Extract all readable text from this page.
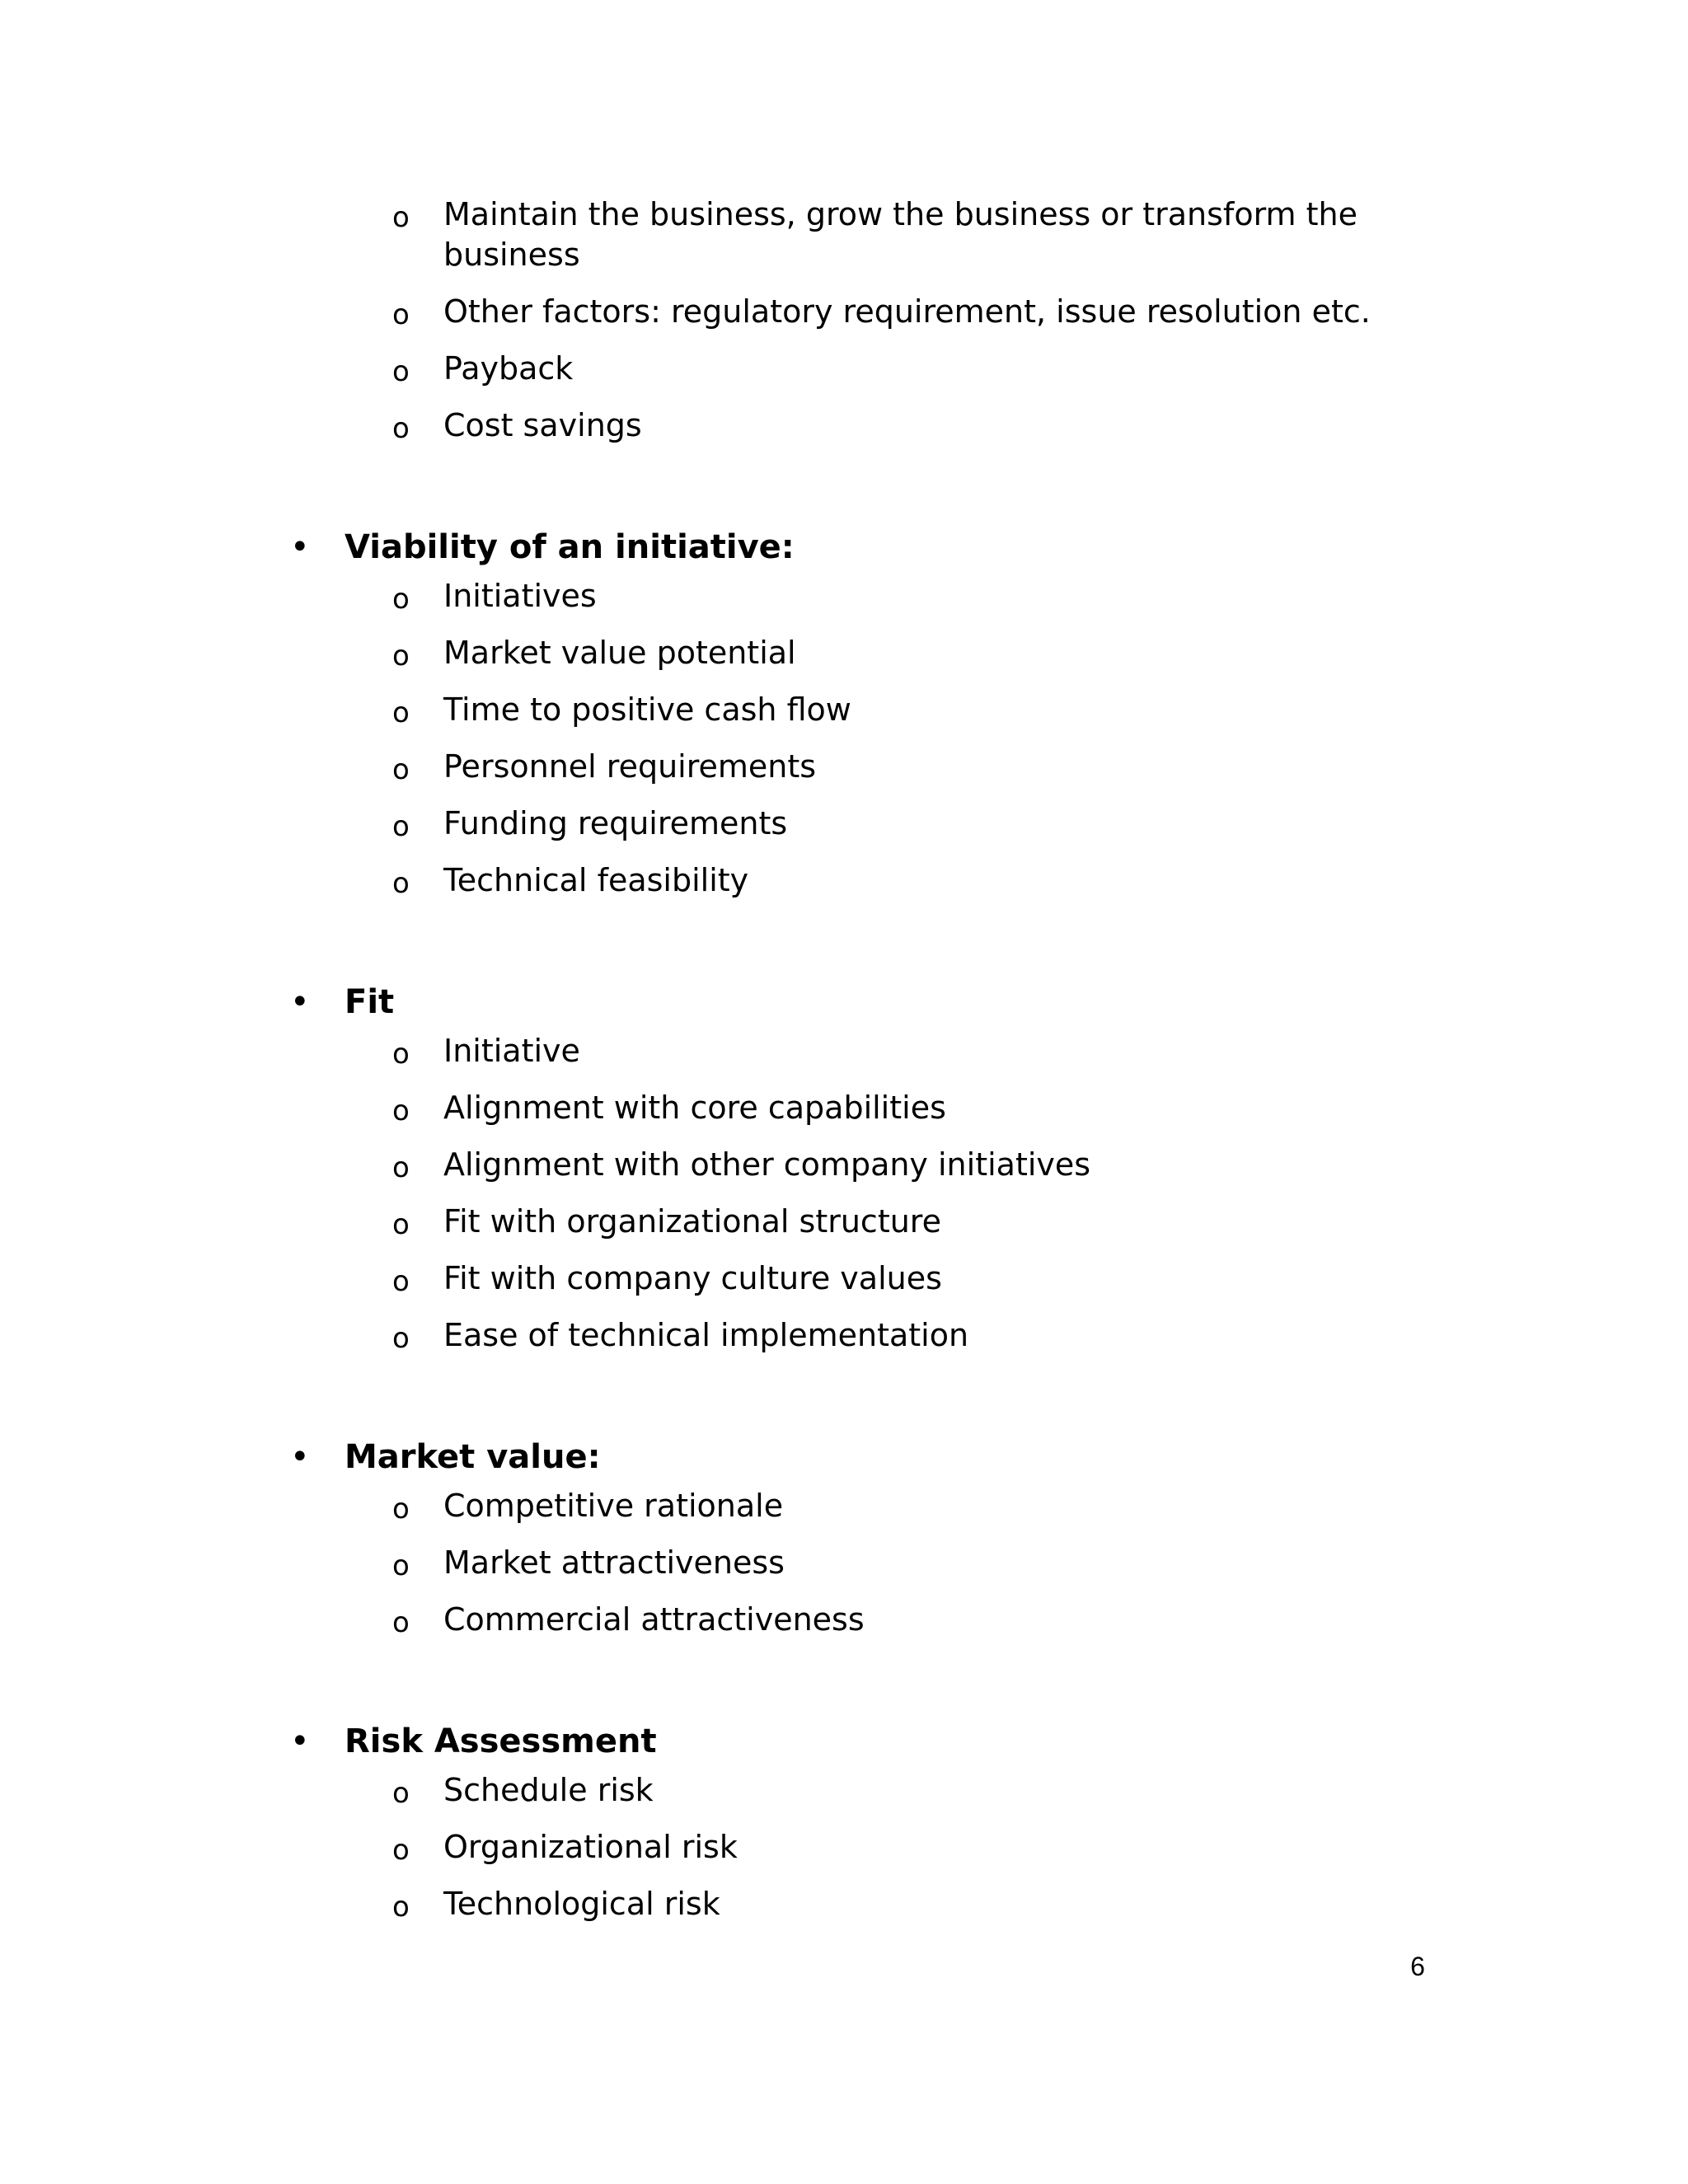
o Maintain the business, grow the business or transform the business
o Other factors: regulatory requirement, issue resolution etc.
o Payback
o Cost savings
• Viability of an initiative:
o Initiatives
o Market value potential
o Time to positive cash flow
o Personnel requirements
o Funding requirements
o Technical feasibility
• Fit
o Initiative
o Alignment with core capabilities
o Alignment with other company initiatives
o Fit with organizational structure
o Fit with company culture values
o Ease of technical implementation
• Market value:
o Competitive rationale
o Market attractiveness
o Commercial attractiveness
• Risk Assessment
o Schedule risk
o Organizational risk
o Technological risk
6
